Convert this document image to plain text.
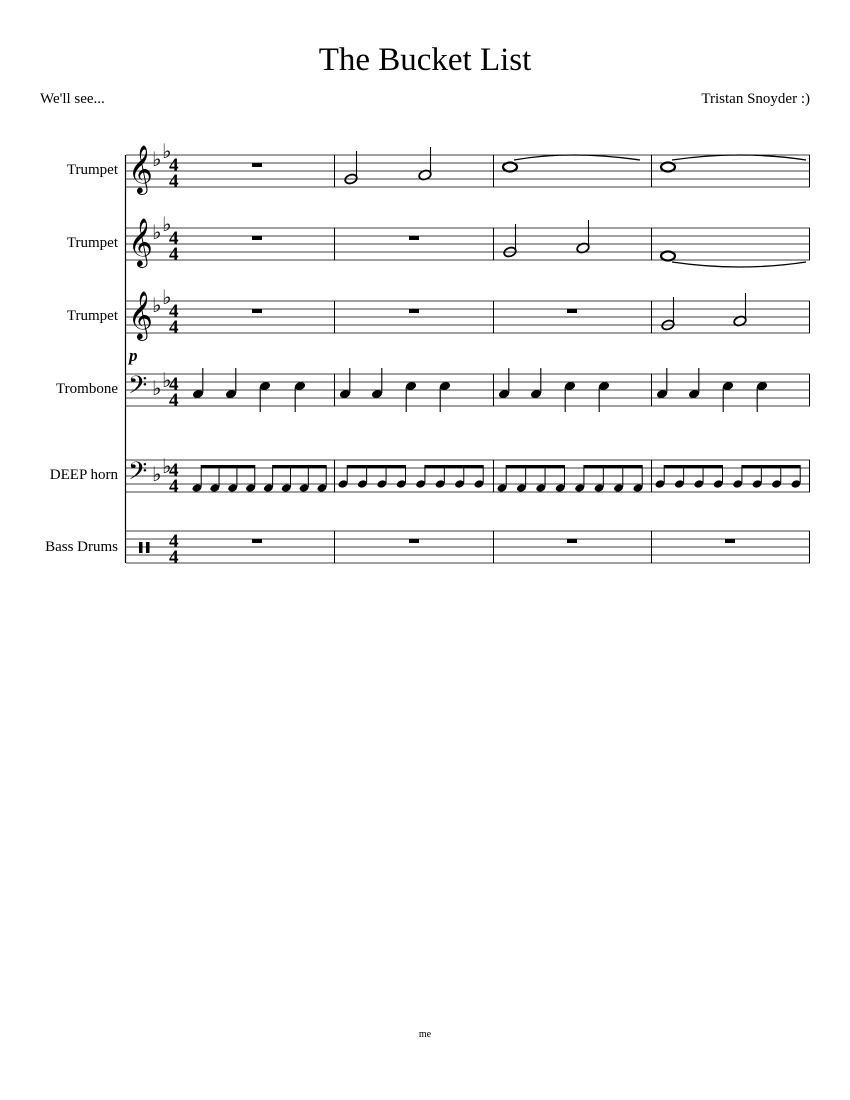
The Bucket List
We'll see...	Tristan Snoyder :)
Trumpet
Trumpet
Trumpet
Trombone
DEEP horn
Bass Drums
𝄞 ♭ ♭
4
4
𝄞 ♭ ♭
4
4
𝄞 ♭ ♭
4
4
p
𝄢 ♭ ♭
4
4
𝄢 ♭ ♭
4
4
4
4
me
